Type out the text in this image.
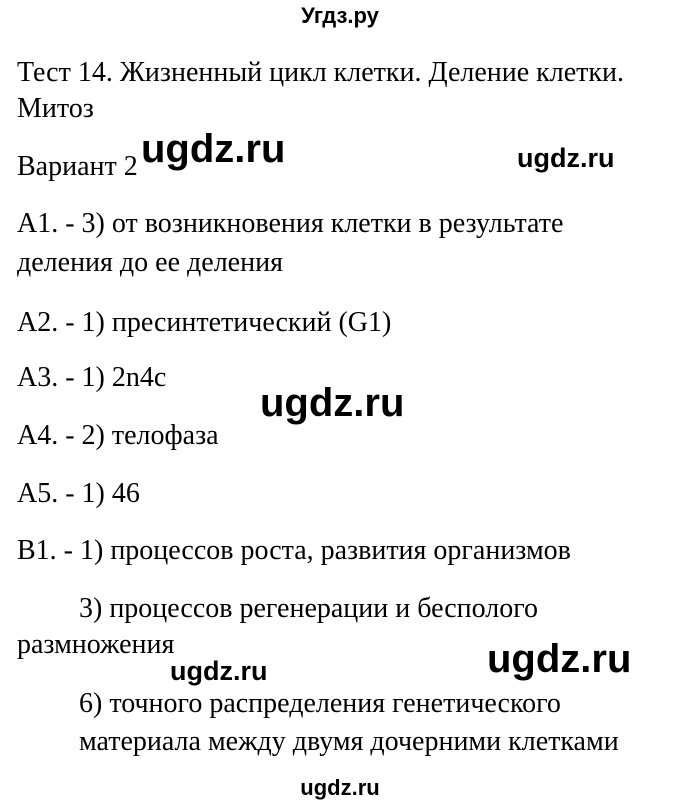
Угдз.ру
Тест 14. Жизненный цикл клетки. Деление клетки.
Митоз
Вариант 2
А1. - 3) от возникновения клетки в результате
деления до ее деления
А2. - 1) пресинтетический (G1)
А3. - 1) 2n4c
А4. - 2) телофаза
А5. - 1) 46
В1. - 1) процессов роста, развития организмов
3) процессов регенерации и бесполого
размножения
6) точного распределения генетического
материала между двумя дочерними клетками
ugdz.ru	ugdz.ru
ugdz.ru
ugdz.ru	ugdz.ru
ugdz.ru
